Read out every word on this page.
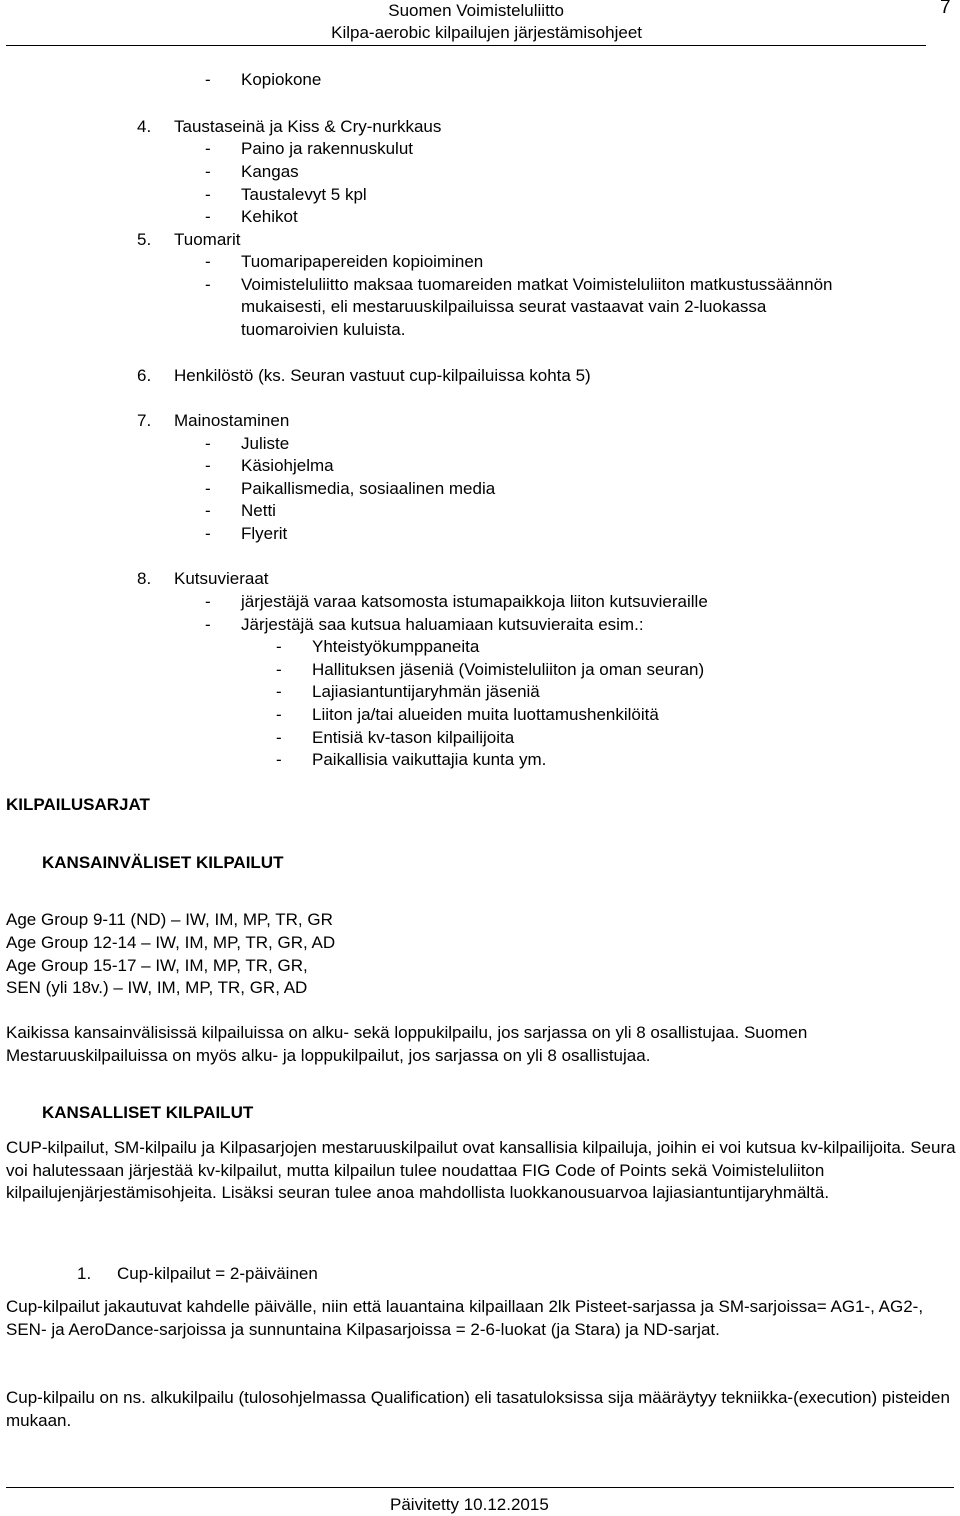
Suomen Voimisteluliitto
Kilpa-aerobic kilpailujen järjestämisohjeet
7
- Kopiokone
4. Taustaseinä ja Kiss & Cry-nurkkaus
- Paino ja rakennuskulut
- Kangas
- Taustalevyt 5 kpl
- Kehikot
5. Tuomarit
- Tuomaripapereiden kopioiminen
- Voimisteluliitto maksaa tuomareiden matkat Voimisteluliiton matkustussäännön
mukaisesti, eli mestaruuskilpailuissa seurat vastaavat vain 2-luokassa
tuomaroivien kuluista.
6. Henkilöstö (ks. Seuran vastuut cup-kilpailuissa kohta 5)
7. Mainostaminen
- Juliste
- Käsiohjelma
- Paikallismedia, sosiaalinen media
- Netti
- Flyerit
8. Kutsuvieraat
- järjestäjä varaa katsomosta istumapaikkoja liiton kutsuvieraille
- Järjestäjä saa kutsua haluamiaan kutsuvieraita esim.:
- Yhteistyökumppaneita
- Hallituksen jäseniä (Voimisteluliiton ja oman seuran)
- Lajiasiantuntijaryhmän jäseniä
- Liiton ja/tai alueiden muita luottamushenkilöitä
- Entisiä kv-tason kilpailijoita
- Paikallisia vaikuttajia kunta ym.
KILPAILUSARJAT
KANSAINVÄLISET KILPAILUT
Age Group 9-11 (ND) – IW, IM, MP, TR, GR
Age Group 12-14 – IW, IM, MP, TR, GR, AD
Age Group 15-17 – IW, IM, MP, TR, GR,
SEN (yli 18v.) – IW, IM, MP, TR, GR, AD
KANSALLISET KILPAILUT
1. Cup-kilpailut = 2-päiväinen

Kaikissa kansainvälisissä kilpailuissa on alku- sekä loppukilpailu, jos sarjassa on yli 8 osallistujaa. Suomen Mestaruuskilpailuissa on myös alku- ja loppukilpailut, jos sarjassa on yli 8 osallistujaa.

CUP-kilpailut, SM-kilpailu ja Kilpasarjojen mestaruuskilpailut ovat kansallisia kilpailuja, joihin ei voi kutsua kv-kilpailijoita. Seura voi halutessaan järjestää kv-kilpailut, mutta kilpailun tulee noudattaa FIG Code of Points sekä Voimisteluliiton kilpailujenjärjestämisohjeita. Lisäksi seuran tulee anoa mahdollista luokkanousuarvoa lajiasiantuntijaryhmältä.

Cup-kilpailut jakautuvat kahdelle päivälle, niin että lauantaina kilpaillaan 2lk Pisteet-sarjassa ja SM-sarjoissa= AG1-, AG2-, SEN- ja AeroDance-sarjoissa ja sunnuntaina Kilpasarjoissa = 2-6-luokat (ja Stara) ja ND-sarjat.

Cup-kilpailu on ns. alkukilpailu (tulosohjelmassa Qualification) eli tasatuloksissa sija määräytyy tekniikka-(execution) pisteiden mukaan.

Päivitetty 10.12.2015
